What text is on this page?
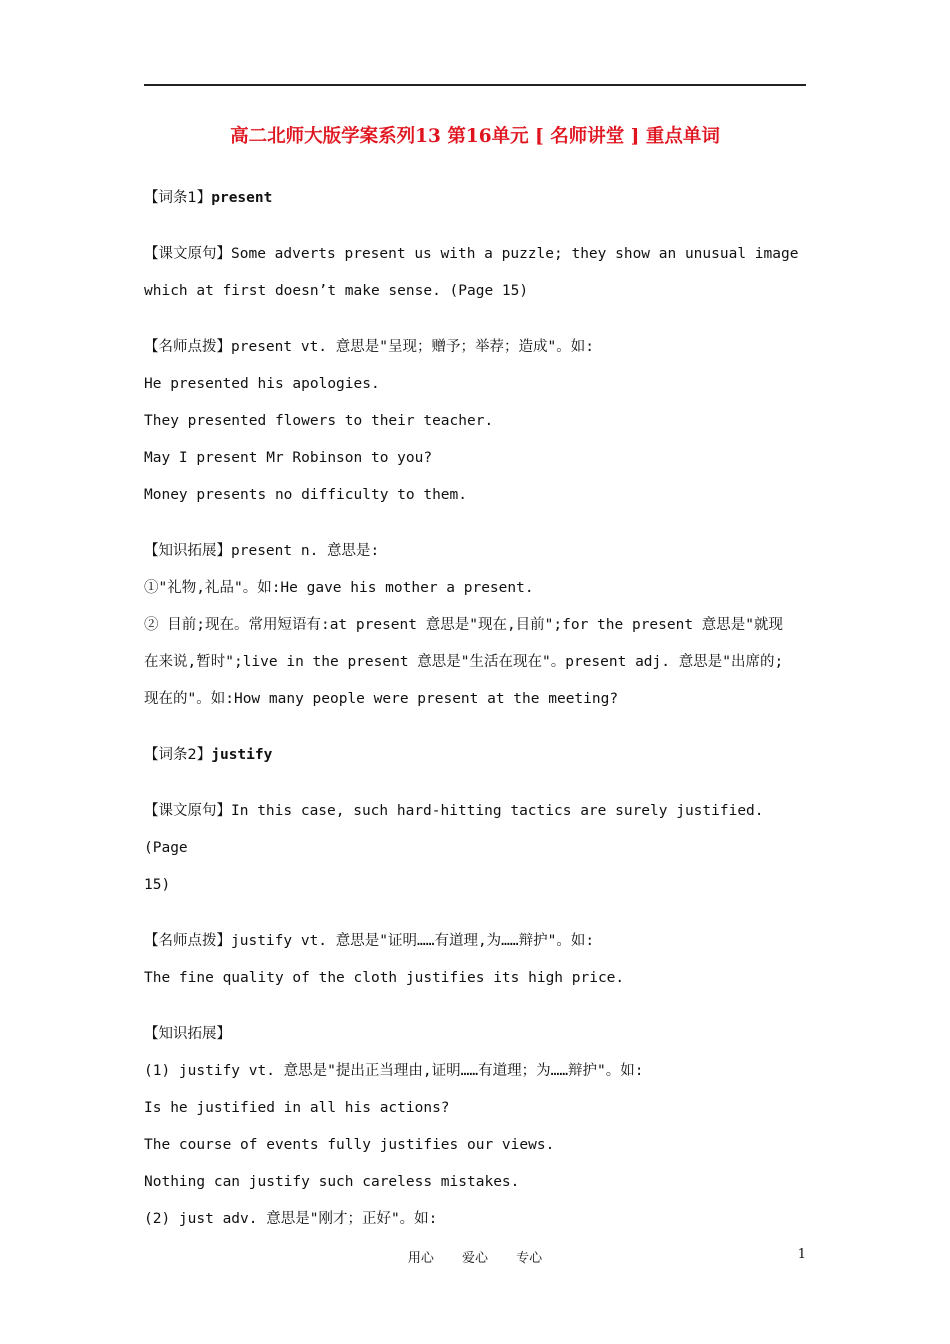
高二北师大版学案系列13 第16单元 [ 名师讲堂 ] 重点单词

【词条1】present

【课文原句】Some adverts present us with a puzzle; they show an unusual image

which at first doesn’t make sense. (Page 15)

【名师点拨】present vt. 意思是"呈现；赠予；举荐；造成"。如:

He presented his apologies.

They presented flowers to their teacher.

May I present Mr Robinson to you?

Money presents no difficulty to them.

【知识拓展】present n. 意思是:

①"礼物,礼品"。如:He gave his mother a present.

② 目前;现在。常用短语有:at present 意思是"现在,目前";for the present 意思是"就现

在来说,暂时";live in the present 意思是"生活在现在"。present adj. 意思是"出席的;

现在的"。如:How many people were present at the meeting?

【词条2】justify

【课文原句】In this case, such hard-hitting tactics are surely justified. (Page

15)

【名师点拨】justify vt. 意思是"证明……有道理,为……辩护"。如:

The fine quality of the cloth justifies its high price.

【知识拓展】

(1) justify vt. 意思是"提出正当理由,证明……有道理；为……辩护"。如:

Is he justified in all his actions?

The course of events fully justifies our views.

Nothing can justify such careless mistakes.

(2) just adv. 意思是"刚才；正好"。如:

用心 爱心 专心	1
